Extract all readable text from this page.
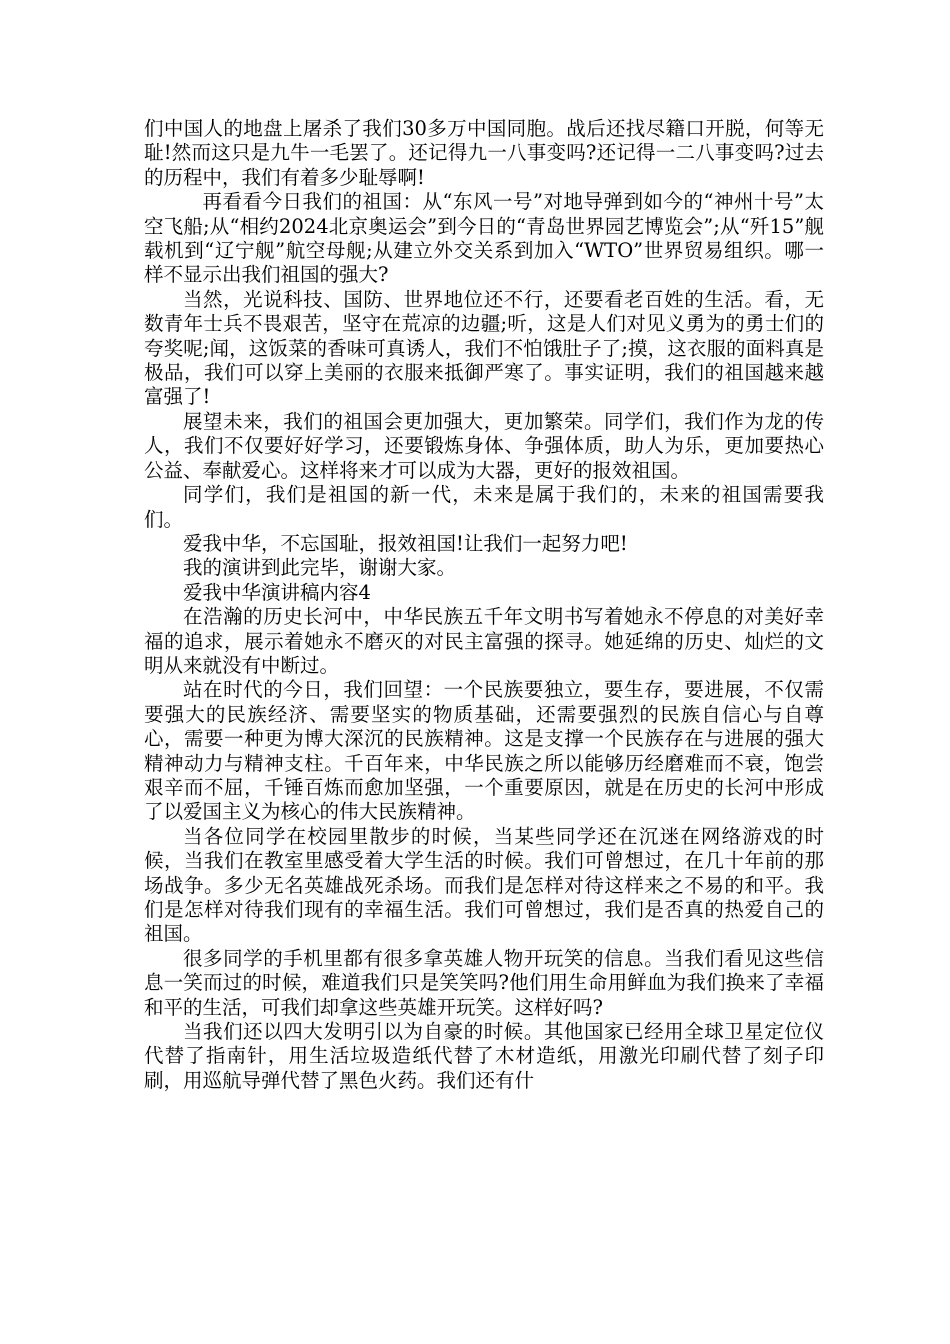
们中国人的地盘上屠杀了我们30多万中国同胞。战后还找尽籍口开脱，何等无耻!然而这只是九牛一毛罢了。还记得九一八事变吗?还记得一二八事变吗?过去的历程中，我们有着多少耻辱啊!

再看看今日我们的祖国：从“东风一号”对地导弹到如今的“神州十号”太空飞船;从“相约2024北京奥运会”到今日的“青岛世界园艺博览会”;从“歼15”舰载机到“辽宁舰”航空母舰;从建立外交关系到加入“WTO”世界贸易组织。哪一样不显示出我们祖国的强大?

当然，光说科技、国防、世界地位还不行，还要看老百姓的生活。看，无数青年士兵不畏艰苦，坚守在荒凉的边疆;听，这是人们对见义勇为的勇士们的夸奖呢;闻，这饭菜的香味可真诱人，我们不怕饿肚子了;摸，这衣服的面料真是极品，我们可以穿上美丽的衣服来抵御严寒了。事实证明，我们的祖国越来越富强了!

展望未来，我们的祖国会更加强大，更加繁荣。同学们，我们作为龙的传人，我们不仅要好好学习，还要锻炼身体、争强体质，助人为乐，更加要热心公益、奉献爱心。这样将来才可以成为大器，更好的报效祖国。

同学们，我们是祖国的新一代，未来是属于我们的，未来的祖国需要我们。

爱我中华，不忘国耻，报效祖国!让我们一起努力吧!

我的演讲到此完毕，谢谢大家。

爱我中华演讲稿内容4

在浩瀚的历史长河中，中华民族五千年文明书写着她永不停息的对美好幸福的追求，展示着她永不磨灭的对民主富强的探寻。她延绵的历史、灿烂的文明从来就没有中断过。

站在时代的今日，我们回望：一个民族要独立，要生存，要进展，不仅需要强大的民族经济、需要坚实的物质基础，还需要强烈的民族自信心与自尊心，需要一种更为博大深沉的民族精神。这是支撑一个民族存在与进展的强大精神动力与精神支柱。千百年来，中华民族之所以能够历经磨难而不衰，饱尝艰辛而不屈，千锤百炼而愈加坚强，一个重要原因，就是在历史的长河中形成了以爱国主义为核心的伟大民族精神。

当各位同学在校园里散步的时候，当某些同学还在沉迷在网络游戏的时候，当我们在教室里感受着大学生活的时候。我们可曾想过，在几十年前的那场战争。多少无名英雄战死杀场。而我们是怎样对待这样来之不易的和平。我们是怎样对待我们现有的幸福生活。我们可曾想过，我们是否真的热爱自己的祖国。

很多同学的手机里都有很多拿英雄人物开玩笑的信息。当我们看见这些信息一笑而过的时候，难道我们只是笑笑吗?他们用生命用鲜血为我们换来了幸福和平的生活，可我们却拿这些英雄开玩笑。这样好吗?

当我们还以四大发明引以为自豪的时候。其他国家已经用全球卫星定位仪代替了指南针，用生活垃圾造纸代替了木材造纸，用激光印刷代替了刻子印刷，用巡航导弹代替了黑色火药。我们还有什
